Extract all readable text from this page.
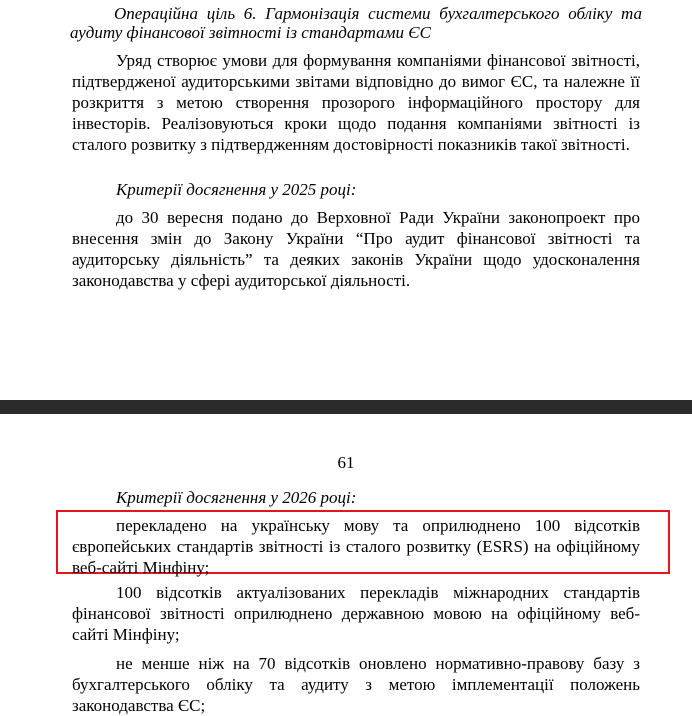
Операційна ціль 6. Гармонізація системи бухгалтерського обліку та аудиту фінансової звітності із стандартами ЄС

Уряд створює умови для формування компаніями фінансової звітності, підтвердженої аудиторськими звітами відповідно до вимог ЄС, та належне її розкриття з метою створення прозорого інформаційного простору для інвесторів. Реалізовуються кроки щодо подання компаніями звітності із сталого розвитку з підтвердженням достовірності показників такої звітності.

Критерії досягнення у 2025 році:

до 30 вересня подано до Верховної Ради України законопроект про внесення змін до Закону України “Про аудит фінансової звітності та аудиторську діяльність” та деяких законів України щодо удосконалення законодавства у сфері аудиторської діяльності.

61

Критерії досягнення у 2026 році:

перекладено на українську мову та оприлюднено 100 відсотків європейських стандартів звітності із сталого розвитку (ESRS) на офіційному веб-сайті Мінфіну;

100 відсотків актуалізованих перекладів міжнародних стандартів фінансової звітності оприлюднено державною мовою на офіційному веб-сайті Мінфіну;

не менше ніж на 70 відсотків оновлено нормативно-правову базу з бухгалтерського обліку та аудиту з метою імплементації положень законодавства ЄС;
